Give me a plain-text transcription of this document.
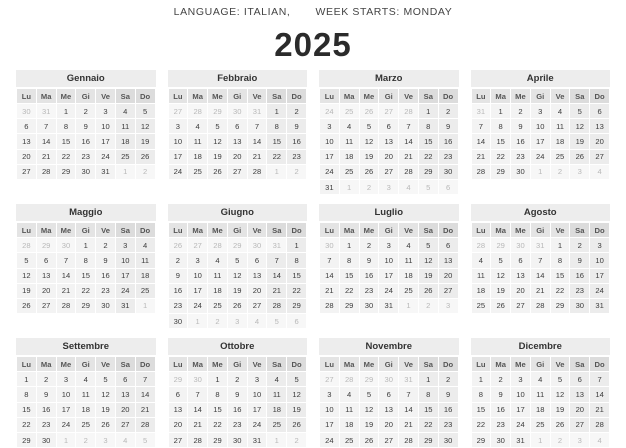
LANGUAGE: ITALIAN, WEEK STARTS: MONDAY
2025
Gennaio
Lu	Ma	Me	Gi	Ve	Sa	Do
30	31	1	2	3	4	5
6	7	8	9	10	11	12
13	14	15	16	17	18	19
20	21	22	23	24	25	26
27	28	29	30	31	1	2
Febbraio
Lu	Ma	Me	Gi	Ve	Sa	Do
27	28	29	30	31	1	2
3	4	5	6	7	8	9
10	11	12	13	14	15	16
17	18	19	20	21	22	23
24	25	26	27	28	1	2
Marzo
Lu	Ma	Me	Gi	Ve	Sa	Do
24	25	26	27	28	1	2
3	4	5	6	7	8	9
10	11	12	13	14	15	16
17	18	19	20	21	22	23
24	25	26	27	28	29	30
31	1	2	3	4	5	6
Aprile
Lu	Ma	Me	Gi	Ve	Sa	Do
31	1	2	3	4	5	6
7	8	9	10	11	12	13
14	15	16	17	18	19	20
21	22	23	24	25	26	27
28	29	30	1	2	3	4
Maggio
Lu	Ma	Me	Gi	Ve	Sa	Do
28	29	30	1	2	3	4
5	6	7	8	9	10	11
12	13	14	15	16	17	18
19	20	21	22	23	24	25
26	27	28	29	30	31	1
Giugno
Lu	Ma	Me	Gi	Ve	Sa	Do
26	27	28	29	30	31	1
2	3	4	5	6	7	8
9	10	11	12	13	14	15
16	17	18	19	20	21	22
23	24	25	26	27	28	29
30	1	2	3	4	5	6
Luglio
Lu	Ma	Me	Gi	Ve	Sa	Do
30	1	2	3	4	5	6
7	8	9	10	11	12	13
14	15	16	17	18	19	20
21	22	23	24	25	26	27
28	29	30	31	1	2	3
Agosto
Lu	Ma	Me	Gi	Ve	Sa	Do
28	29	30	31	1	2	3
4	5	6	7	8	9	10
11	12	13	14	15	16	17
18	19	20	21	22	23	24
25	26	27	28	29	30	31
Settembre
Lu	Ma	Me	Gi	Ve	Sa	Do
1	2	3	4	5	6	7
8	9	10	11	12	13	14
15	16	17	18	19	20	21
22	23	24	25	26	27	28
29	30	1	2	3	4	5
Ottobre
Lu	Ma	Me	Gi	Ve	Sa	Do
29	30	1	2	3	4	5
6	7	8	9	10	11	12
13	14	15	16	17	18	19
20	21	22	23	24	25	26
27	28	29	30	31	1	2
Novembre
Lu	Ma	Me	Gi	Ve	Sa	Do
27	28	29	30	31	1	2
3	4	5	6	7	8	9
10	11	12	13	14	15	16
17	18	19	20	21	22	23
24	25	26	27	28	29	30
Dicembre
Lu	Ma	Me	Gi	Ve	Sa	Do
1	2	3	4	5	6	7
8	9	10	11	12	13	14
15	16	17	18	19	20	21
22	23	24	25	26	27	28
29	30	31	1	2	3	4
